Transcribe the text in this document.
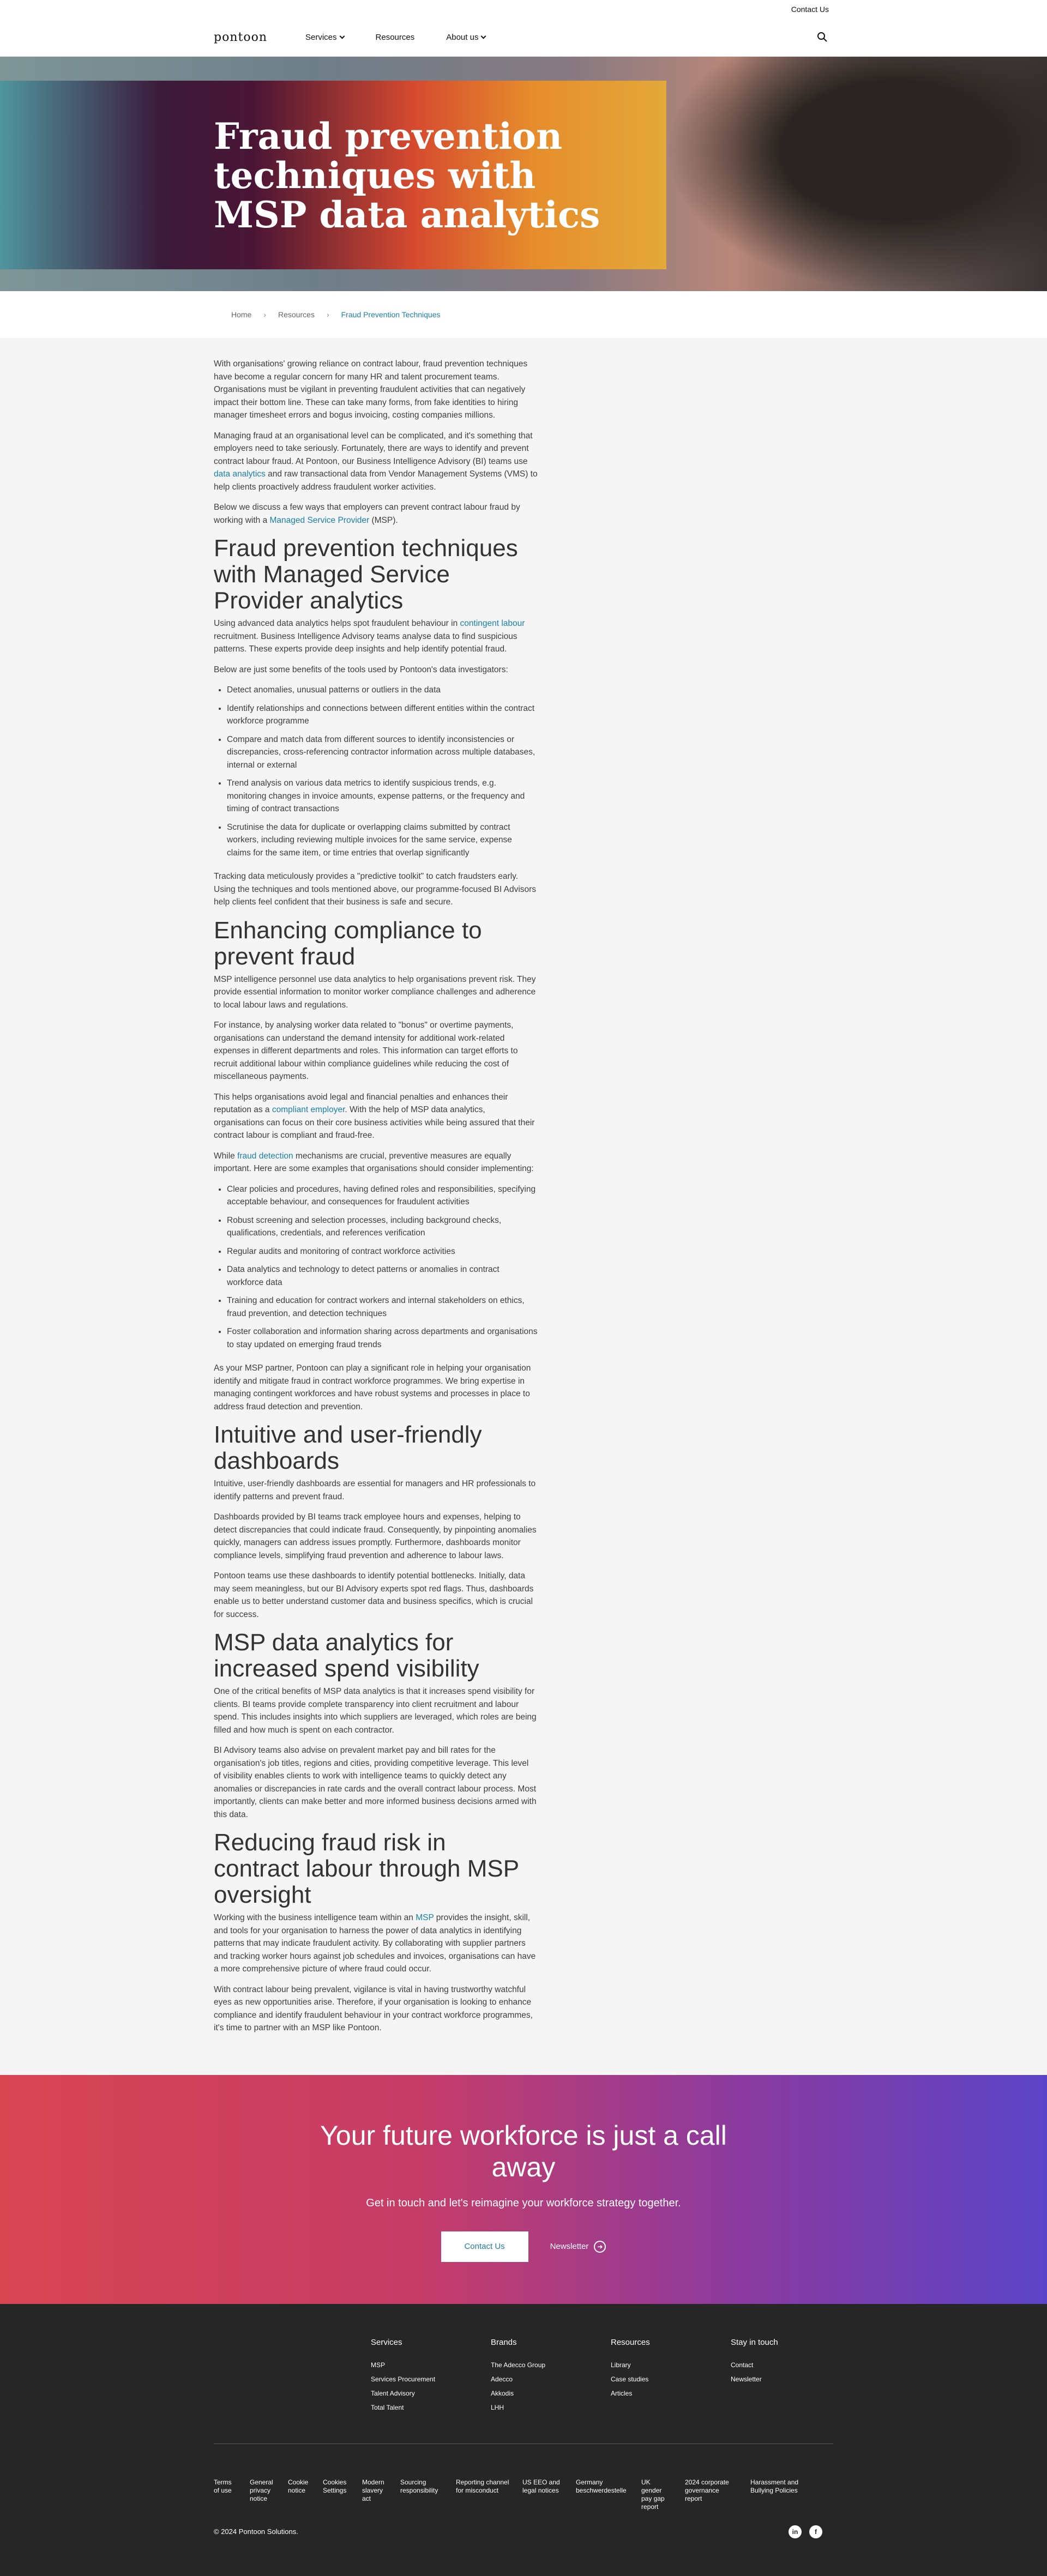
Contact Us
pontoon	Services	Resources	About us
Fraud prevention techniques with MSP data analytics
Home › Resources › Fraud Prevention Techniques

With organisations' growing reliance on contract labour, fraud prevention techniques have become a regular concern for many HR and talent procurement teams. Organisations must be vigilant in preventing fraudulent activities that can negatively impact their bottom line. These can take many forms, from fake identities to hiring manager timesheet errors and bogus invoicing, costing companies millions.

Managing fraud at an organisational level can be complicated, and it's something that employers need to take seriously. Fortunately, there are ways to identify and prevent contract labour fraud. At Pontoon, our Business Intelligence Advisory (BI) teams use data analytics and raw transactional data from Vendor Management Systems (VMS) to help clients proactively address fraudulent worker activities.

Below we discuss a few ways that employers can prevent contract labour fraud by working with a Managed Service Provider (MSP).

Fraud prevention techniques with Managed Service Provider analytics

Using advanced data analytics helps spot fraudulent behaviour in contingent labour recruitment. Business Intelligence Advisory teams analyse data to find suspicious patterns. These experts provide deep insights and help identify potential fraud.

Below are just some benefits of the tools used by Pontoon's data investigators:

• Detect anomalies, unusual patterns or outliers in the data
• Identify relationships and connections between different entities within the contract workforce programme
• Compare and match data from different sources to identify inconsistencies or discrepancies, cross-referencing contractor information across multiple databases, internal or external
• Trend analysis on various data metrics to identify suspicious trends, e.g. monitoring changes in invoice amounts, expense patterns, or the frequency and timing of contract transactions
• Scrutinise the data for duplicate or overlapping claims submitted by contract workers, including reviewing multiple invoices for the same service, expense claims for the same item, or time entries that overlap significantly

Tracking data meticulously provides a "predictive toolkit" to catch fraudsters early. Using the techniques and tools mentioned above, our programme-focused BI Advisors help clients feel confident that their business is safe and secure.

Enhancing compliance to prevent fraud

MSP intelligence personnel use data analytics to help organisations prevent risk. They provide essential information to monitor worker compliance challenges and adherence to local labour laws and regulations.

For instance, by analysing worker data related to "bonus" or overtime payments, organisations can understand the demand intensity for additional work-related expenses in different departments and roles. This information can target efforts to recruit additional labour within compliance guidelines while reducing the cost of miscellaneous payments.

This helps organisations avoid legal and financial penalties and enhances their reputation as a compliant employer. With the help of MSP data analytics, organisations can focus on their core business activities while being assured that their contract labour is compliant and fraud-free.

While fraud detection mechanisms are crucial, preventive measures are equally important. Here are some examples that organisations should consider implementing:

• Clear policies and procedures, having defined roles and responsibilities, specifying acceptable behaviour, and consequences for fraudulent activities
• Robust screening and selection processes, including background checks, qualifications, credentials, and references verification
• Regular audits and monitoring of contract workforce activities
• Data analytics and technology to detect patterns or anomalies in contract workforce data
• Training and education for contract workers and internal stakeholders on ethics, fraud prevention, and detection techniques
• Foster collaboration and information sharing across departments and organisations to stay updated on emerging fraud trends

As your MSP partner, Pontoon can play a significant role in helping your organisation identify and mitigate fraud in contract workforce programmes. We bring expertise in managing contingent workforces and have robust systems and processes in place to address fraud detection and prevention.

Intuitive and user-friendly dashboards

Intuitive, user-friendly dashboards are essential for managers and HR professionals to identify patterns and prevent fraud.

Dashboards provided by BI teams track employee hours and expenses, helping to detect discrepancies that could indicate fraud. Consequently, by pinpointing anomalies quickly, managers can address issues promptly. Furthermore, dashboards monitor compliance levels, simplifying fraud prevention and adherence to labour laws.

Pontoon teams use these dashboards to identify potential bottlenecks. Initially, data may seem meaningless, but our BI Advisory experts spot red flags. Thus, dashboards enable us to better understand customer data and business specifics, which is crucial for success.

MSP data analytics for increased spend visibility

One of the critical benefits of MSP data analytics is that it increases spend visibility for clients. BI teams provide complete transparency into client recruitment and labour spend. This includes insights into which suppliers are leveraged, which roles are being filled and how much is spent on each contractor.

BI Advisory teams also advise on prevalent market pay and bill rates for the organisation's job titles, regions and cities, providing competitive leverage. This level of visibility enables clients to work with intelligence teams to quickly detect any anomalies or discrepancies in rate cards and the overall contract labour process. Most importantly, clients can make better and more informed business decisions armed with this data.

Reducing fraud risk in contract labour through MSP oversight

Working with the business intelligence team within an MSP provides the insight, skill, and tools for your organisation to harness the power of data analytics in identifying patterns that may indicate fraudulent activity. By collaborating with supplier partners and tracking worker hours against job schedules and invoices, organisations can have a more comprehensive picture of where fraud could occur.

With contract labour being prevalent, vigilance is vital in having trustworthy watchful eyes as new opportunities arise. Therefore, if your organisation is looking to enhance compliance and identify fraudulent behaviour in your contract workforce programmes, it's time to partner with an MSP like Pontoon.

Your future workforce is just a call away
Get in touch and let's reimagine your workforce strategy together.
Contact Us	Newsletter	➜
Services
MSP
Services Procurement
Talent Advisory
Total Talent
Brands
The Adecco Group
Adecco
Akkodis
LHH
Resources
Library
Case studies
Articles
Stay in touch
Contact
Newsletter
Terms of use
General privacy notice
Cookie notice
Cookies Settings
Modern slavery act
Sourcing responsibility
Reporting channel for misconduct
US EEO and legal notices
Germany beschwerdestelle
UK gender pay gap report
2024 corporate governance report
Harassment and Bullying Policies
© 2024 Pontoon Solutions.	in	f
